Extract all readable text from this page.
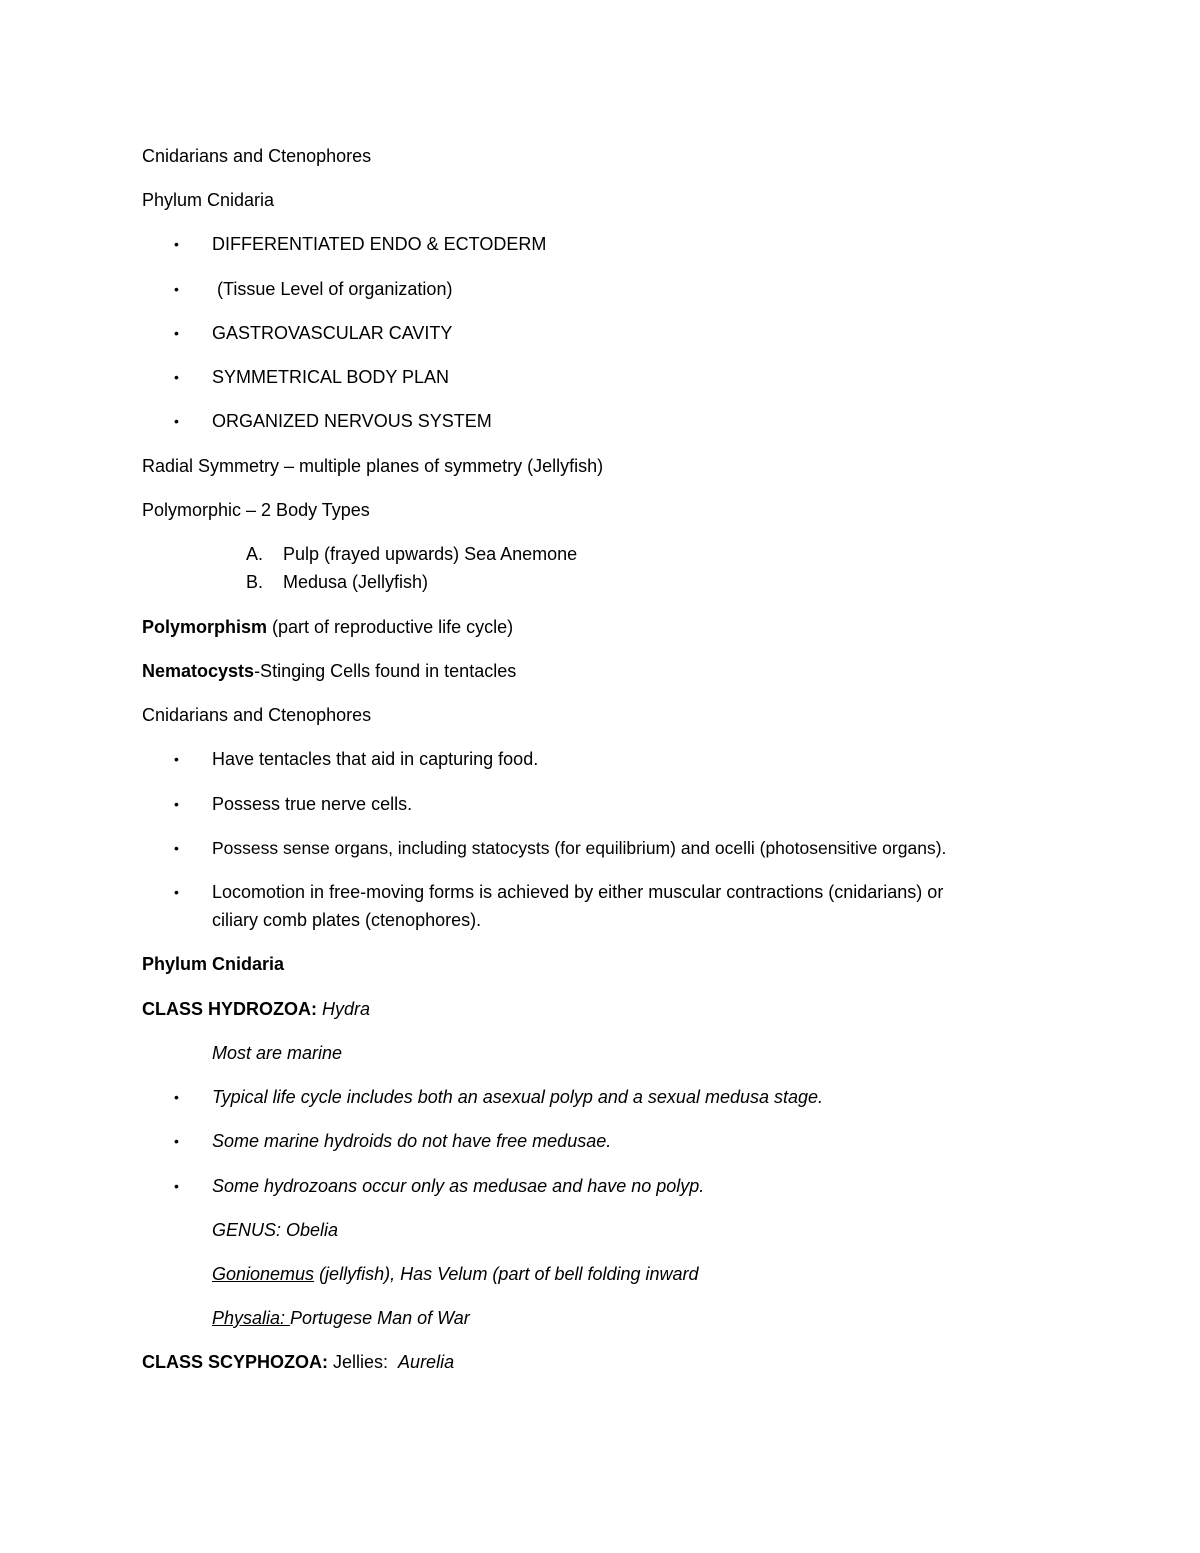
Cnidarians and Ctenophores
Phylum Cnidaria
• DIFFERENTIATED ENDO & ECTODERM
• (Tissue Level of organization)
• GASTROVASCULAR CAVITY
• SYMMETRICAL BODY PLAN
• ORGANIZED NERVOUS SYSTEM
Radial Symmetry – multiple planes of symmetry (Jellyfish)
Polymorphic – 2 Body Types
A. Pulp (frayed upwards) Sea Anemone
B. Medusa (Jellyfish)
Polymorphism (part of reproductive life cycle)
Nematocysts-Stinging Cells found in tentacles
Cnidarians and Ctenophores
• Have tentacles that aid in capturing food.
• Possess true nerve cells.
• Possess sense organs, including statocysts (for equilibrium) and ocelli (photosensitive organs).
• Locomotion in free-moving forms is achieved by either muscular contractions (cnidarians) or
ciliary comb plates (ctenophores).
Phylum Cnidaria
CLASS HYDROZOA: Hydra
Most are marine
• Typical life cycle includes both an asexual polyp and a sexual medusa stage.
• Some marine hydroids do not have free medusae.
• Some hydrozoans occur only as medusae and have no polyp.
GENUS: Obelia
Gonionemus (jellyfish), Has Velum (part of bell folding inward
Physalia: Portugese Man of War
CLASS SCYPHOZOA: Jellies:  Aurelia
